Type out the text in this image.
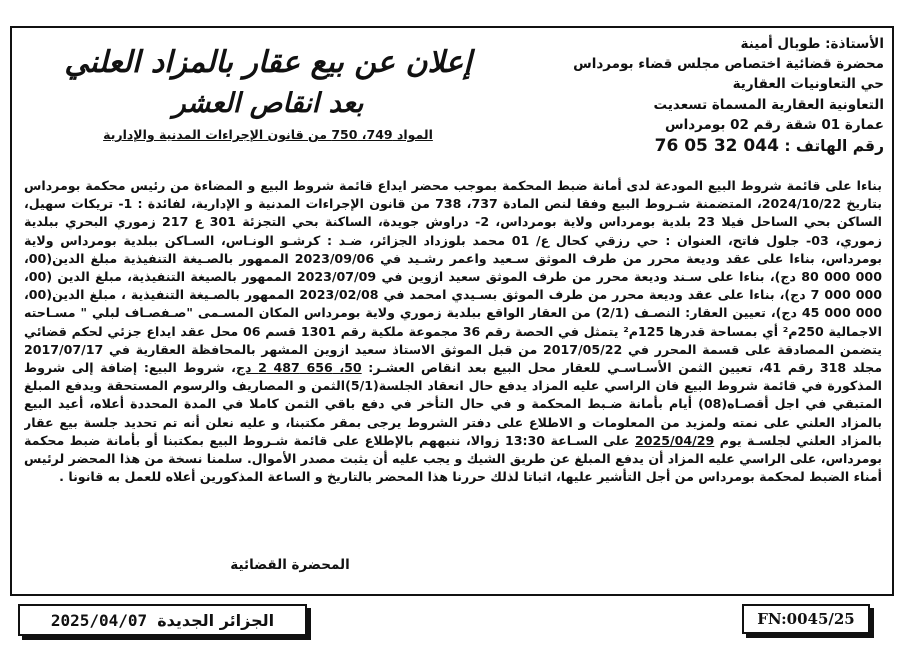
الأستاذة: طوبال أمينة
محضرة قضائية اختصاص مجلس قضاء بومرداس
حي التعاونيات العقارية
التعاونية العقارية المسماة تسعديت
عمارة 01 شقة رقم 02 بومرداس
رقم الهاتف : 044 32 05 76
إعلان عن بيع عقار بالمزاد العلني
بعد انقاص العشر
المواد 749، 750 من قانون الإجراءات المدنية والإدارية
بناءا على قائمة شروط البيع المودعة لدى أمانة ضبط المحكمة بموجب محضر ايداع قائمة شروط البيع و المضاءة من رئيس محكمة بومرداس بتاريخ 2024/10/22، المتضمنة شـروط البيع وفقا لنص المادة 737، 738 من قانون الإجراءات المدنية و الإدارية، لفائدة : 1- تريكات سهيل، الساكن بحي الساحل فيلا 23 بلدية بومرداس ولاية بومرداس، 2- دراوش جويدة، الساكنة بحي التجزئة 301 ع 217 زموري البحري ببلدية زموري، 03- جلول فاتح، العنوان : حي رزقي كحال ع/ 01 محمد بلوزداد الجزائر، ضـد : كرشـو الونـاس، السـاكن ببلدية بومرداس ولاية بومرداس، بناءا على عقد وديعة محرر من طرف الموثق سـعيد واعمر رشـيد في 2023/09/06 الممهور بالصـيغة التنفيذية مبلغ الدين(00، 000 000 80 دج)، بناءا على سـند وديعة محرر من طرف الموثق سعيد ازوين في 2023/07/09 الممهور بالصيغة التنفيذية، مبلغ الدين (00، 000 000 7 دج)، بناءا على عقد وديعة محرر من طرف الموثق بسـيدي امحمد في 2023/02/08 الممهور بالصـيغة التنفيذية ، مبلغ الدين(00، 000 000 45 دج)، تعيين العقار: النصـف (2/1) من العقار الواقع ببلدية زموري ولاية بومرداس المكان المسـمى "صـفصـاف لبلي " مسـاحته الاجمالية 250م² أي بمساحة قدرها 125م² يتمثل في الحصة رقم 36 مجموعة ملكية رقم 1301 قسم 06 محل عقد ايداع جزئي لحكم قضائي يتضمن المصادقة على قسمة المحرر في 2017/05/22 من قبل الموثق الاستاذ سعيد ازوين المشهر بالمحافظة العقارية في 2017/07/17 مجلد 318 رقم 41، تعيين الثمن الأسـاسـي للعقار محل البيع بعد انقاص العشـر: 50، 656 487 2 دج، شروط البيع: إضافة إلى شروط المذكورة في قائمة شروط البيع فان الراسي عليه المزاد يدفع حال انعقاد الجلسة(5/1)الثمن و المصاريف والرسوم المستحقة ويدفع المبلغ المتبقي في اجل أقصـاه(08) أيام بأمانة ضـبط المحكمة و في حال التأخر في دفع باقي الثمن كاملا في المدة المحددة أعلاه، أعيد البيع بالمزاد العلني على نمته ولمزيد من المعلومات و الاطلاع على دفتر الشروط يرجى بمقر مكتبنا، و عليه نعلن أنه تم تحديد جلسة بيع عقار بالمزاد العلني لجلسـة يوم 2025/04/29 على السـاعة 13:30 زوالا، ننبههم بالإطلاع على قائمة شـروط البيع بمكتبنا أو بأمانة ضبط محكمة بومرداس، على الراسي عليه المزاد أن يدفع المبلغ عن طريق الشيك و يجب عليه أن يثبت مصدر الأموال. سلمنا نسخة من هذا المحضر لرئيس أمناء الضبط لمحكمة بومرداس من أجل التأشير عليها، اثباتا لذلك حررنا هذا المحضر بالتاريخ و الساعة المذكورين أعلاه للعمل به قانونا .
المحضرة القضائية
الجزائر الجديدة
2025/04/07	FN:0045/25
